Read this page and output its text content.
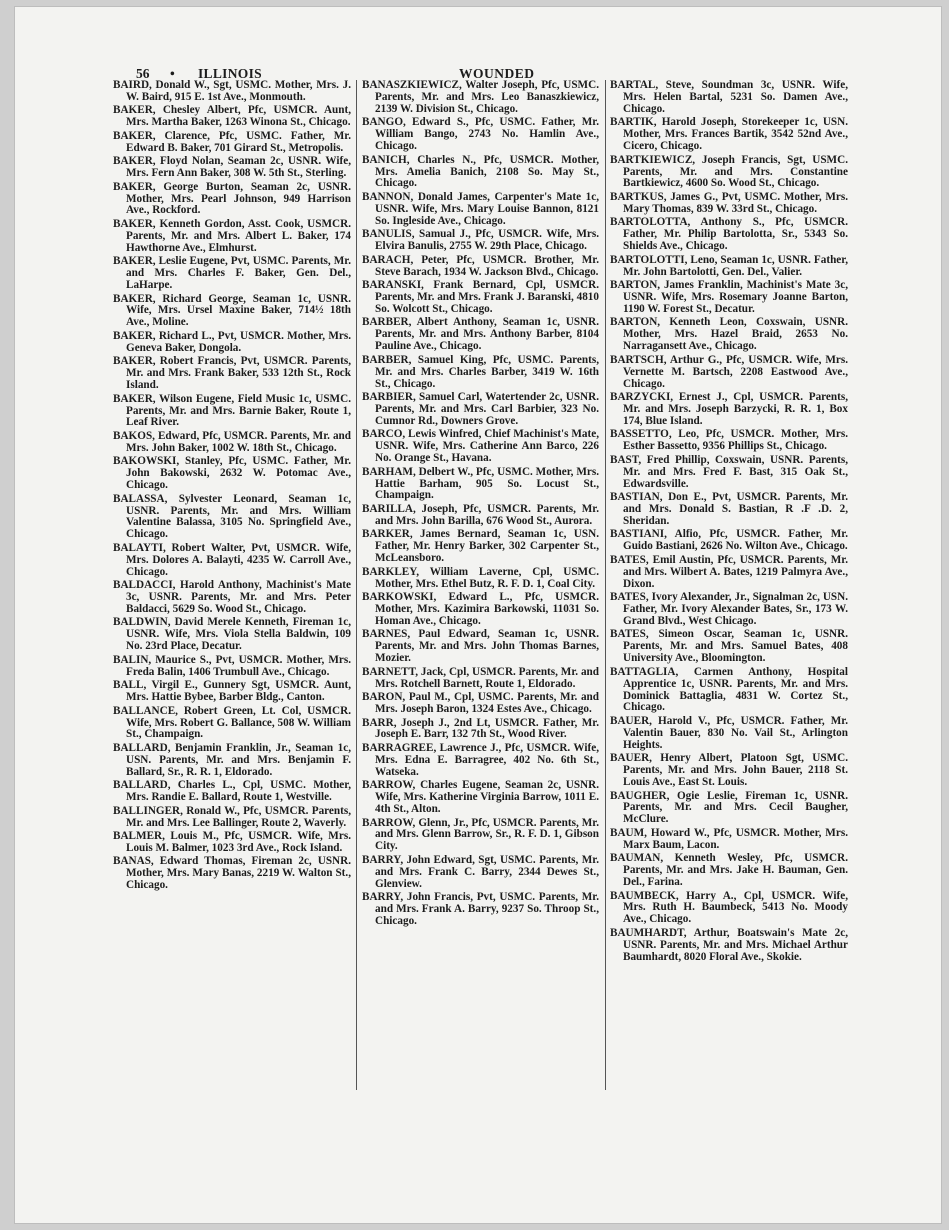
56 • ILLINOIS	WOUNDED

BAIRD, Donald W., Sgt, USMC. Mother, Mrs. J. W. Baird, 915 E. 1st Ave., Monmouth.

BAKER, Chesley Albert, Pfc, USMCR. Aunt, Mrs. Martha Baker, 1263 Winona St., Chicago.

BAKER, Clarence, Pfc, USMC. Father, Mr. Edward B. Baker, 701 Girard St., Metropolis.

BAKER, Floyd Nolan, Seaman 2c, USNR. Wife, Mrs. Fern Ann Baker, 308 W. 5th St., Sterling.

BAKER, George Burton, Seaman 2c, USNR. Mother, Mrs. Pearl Johnson, 949 Harrison Ave., Rockford.

BAKER, Kenneth Gordon, Asst. Cook, USMCR. Parents, Mr. and Mrs. Albert L. Baker, 174 Hawthorne Ave., Elmhurst.

BAKER, Leslie Eugene, Pvt, USMC. Parents, Mr. and Mrs. Charles F. Baker, Gen. Del., LaHarpe.

BAKER, Richard George, Seaman 1c, USNR. Wife, Mrs. Ursel Maxine Baker, 714½ 18th Ave., Moline.

BAKER, Richard L., Pvt, USMCR. Mother, Mrs. Geneva Baker, Dongola.

BAKER, Robert Francis, Pvt, USMCR. Parents, Mr. and Mrs. Frank Baker, 533 12th St., Rock Island.

BAKER, Wilson Eugene, Field Music 1c, USMC. Parents, Mr. and Mrs. Barnie Baker, Route 1, Leaf River.

BAKOS, Edward, Pfc, USMCR. Parents, Mr. and Mrs. John Baker, 1002 W. 18th St., Chicago.

BAKOWSKI, Stanley, Pfc, USMC. Father, Mr. John Bakowski, 2632 W. Potomac Ave., Chicago.

BALASSA, Sylvester Leonard, Seaman 1c, USNR. Parents, Mr. and Mrs. William Valentine Balassa, 3105 No. Springfield Ave., Chicago.

BALAYTI, Robert Walter, Pvt, USMCR. Wife, Mrs. Dolores A. Balayti, 4235 W. Carroll Ave., Chicago.

BALDACCI, Harold Anthony, Machinist's Mate 3c, USNR. Parents, Mr. and Mrs. Peter Baldacci, 5629 So. Wood St., Chicago.

BALDWIN, David Merele Kenneth, Fireman 1c, USNR. Wife, Mrs. Viola Stella Baldwin, 109 No. 23rd Place, Decatur.

BALIN, Maurice S., Pvt, USMCR. Mother, Mrs. Freda Balin, 1406 Trumbull Ave., Chicago.

BALL, Virgil E., Gunnery Sgt, USMCR. Aunt, Mrs. Hattie Bybee, Barber Bldg., Canton.

BALLANCE, Robert Green, Lt. Col, USMCR. Wife, Mrs. Robert G. Ballance, 508 W. William St., Champaign.

BALLARD, Benjamin Franklin, Jr., Seaman 1c, USN. Parents, Mr. and Mrs. Benjamin F. Ballard, Sr., R. R. 1, Eldorado.

BALLARD, Charles L., Cpl, USMC. Mother, Mrs. Randie E. Ballard, Route 1, Westville.

BALLINGER, Ronald W., Pfc, USMCR. Parents, Mr. and Mrs. Lee Ballinger, Route 2, Waverly.

BALMER, Louis M., Pfc, USMCR. Wife, Mrs. Louis M. Balmer, 1023 3rd Ave., Rock Island.

BANAS, Edward Thomas, Fireman 2c, USNR. Mother, Mrs. Mary Banas, 2219 W. Walton St., Chicago.

BANASZKIEWICZ, Walter Joseph, Pfc, USMC. Parents, Mr. and Mrs. Leo Banaszkiewicz, 2139 W. Division St., Chicago.

BANGO, Edward S., Pfc, USMC. Father, Mr. William Bango, 2743 No. Hamlin Ave., Chicago.

BANICH, Charles N., Pfc, USMCR. Mother, Mrs. Amelia Banich, 2108 So. May St., Chicago.

BANNON, Donald James, Carpenter's Mate 1c, USNR. Wife, Mrs. Mary Louise Bannon, 8121 So. Ingleside Ave., Chicago.

BANULIS, Samual J., Pfc, USMCR. Wife, Mrs. Elvira Banulis, 2755 W. 29th Place, Chicago.

BARACH, Peter, Pfc, USMCR. Brother, Mr. Steve Barach, 1934 W. Jackson Blvd., Chicago.

BARANSKI, Frank Bernard, Cpl, USMCR. Parents, Mr. and Mrs. Frank J. Baranski, 4810 So. Wolcott St., Chicago.

BARBER, Albert Anthony, Seaman 1c, USNR. Parents, Mr. and Mrs. Anthony Barber, 8104 Pauline Ave., Chicago.

BARBER, Samuel King, Pfc, USMC. Parents, Mr. and Mrs. Charles Barber, 3419 W. 16th St., Chicago.

BARBIER, Samuel Carl, Watertender 2c, USNR. Parents, Mr. and Mrs. Carl Barbier, 323 No. Cumnor Rd., Downers Grove.

BARCO, Lewis Winfred, Chief Machinist's Mate, USNR. Wife, Mrs. Catherine Ann Barco, 226 No. Orange St., Havana.

BARHAM, Delbert W., Pfc, USMC. Mother, Mrs. Hattie Barham, 905 So. Locust St., Champaign.

BARILLA, Joseph, Pfc, USMCR. Parents, Mr. and Mrs. John Barilla, 676 Wood St., Aurora.

BARKER, James Bernard, Seaman 1c, USN. Father, Mr. Henry Barker, 302 Carpenter St., McLeansboro.

BARKLEY, William Laverne, Cpl, USMC. Mother, Mrs. Ethel Butz, R. F. D. 1, Coal City.

BARKOWSKI, Edward L., Pfc, USMCR. Mother, Mrs. Kazimira Barkowski, 11031 So. Homan Ave., Chicago.

BARNES, Paul Edward, Seaman 1c, USNR. Parents, Mr. and Mrs. John Thomas Barnes, Mozier.

BARNETT, Jack, Cpl, USMCR. Parents, Mr. and Mrs. Rotchell Barnett, Route 1, Eldorado.

BARON, Paul M., Cpl, USMC. Parents, Mr. and Mrs. Joseph Baron, 1324 Estes Ave., Chicago.

BARR, Joseph J., 2nd Lt, USMCR. Father, Mr. Joseph E. Barr, 132 7th St., Wood River.

BARRAGREE, Lawrence J., Pfc, USMCR. Wife, Mrs. Edna E. Barragree, 402 No. 6th St., Watseka.

BARROW, Charles Eugene, Seaman 2c, USNR. Wife, Mrs. Katherine Virginia Barrow, 1011 E. 4th St., Alton.

BARROW, Glenn, Jr., Pfc, USMCR. Parents, Mr. and Mrs. Glenn Barrow, Sr., R. F. D. 1, Gibson City.

BARRY, John Edward, Sgt, USMC. Parents, Mr. and Mrs. Frank C. Barry, 2344 Dewes St., Glenview.

BARRY, John Francis, Pvt, USMC. Parents, Mr. and Mrs. Frank A. Barry, 9237 So. Throop St., Chicago.

BARTAL, Steve, Soundman 3c, USNR. Wife, Mrs. Helen Bartal, 5231 So. Damen Ave., Chicago.

BARTIK, Harold Joseph, Storekeeper 1c, USN. Mother, Mrs. Frances Bartik, 3542 52nd Ave., Cicero, Chicago.

BARTKIEWICZ, Joseph Francis, Sgt, USMC. Parents, Mr. and Mrs. Constantine Bartkiewicz, 4600 So. Wood St., Chicago.

BARTKUS, James G., Pvt, USMC. Mother, Mrs. Mary Thomas, 839 W. 33rd St., Chicago.

BARTOLOTTA, Anthony S., Pfc, USMCR. Father, Mr. Philip Bartolotta, Sr., 5343 So. Shields Ave., Chicago.

BARTOLOTTI, Leno, Seaman 1c, USNR. Father, Mr. John Bartolotti, Gen. Del., Valier.

BARTON, James Franklin, Machinist's Mate 3c, USNR. Wife, Mrs. Rosemary Joanne Barton, 1190 W. Forest St., Decatur.

BARTON, Kenneth Leon, Coxswain, USNR. Mother, Mrs. Hazel Braid, 2653 No. Narragansett Ave., Chicago.

BARTSCH, Arthur G., Pfc, USMCR. Wife, Mrs. Vernette M. Bartsch, 2208 Eastwood Ave., Chicago.

BARZYCKI, Ernest J., Cpl, USMCR. Parents, Mr. and Mrs. Joseph Barzycki, R. R. 1, Box 174, Blue Island.

BASSETTO, Leo, Pfc, USMCR. Mother, Mrs. Esther Bassetto, 9356 Phillips St., Chicago.

BAST, Fred Phillip, Coxswain, USNR. Parents, Mr. and Mrs. Fred F. Bast, 315 Oak St., Edwardsville.

BASTIAN, Don E., Pvt, USMCR. Parents, Mr. and Mrs. Donald S. Bastian, R .F .D. 2, Sheridan.

BASTIANI, Alfio, Pfc, USMCR. Father, Mr. Guido Bastiani, 2626 No. Wilton Ave., Chicago.

BATES, Emil Austin, Pfc, USMCR. Parents, Mr. and Mrs. Wilbert A. Bates, 1219 Palmyra Ave., Dixon.

BATES, Ivory Alexander, Jr., Signalman 2c, USN. Father, Mr. Ivory Alexander Bates, Sr., 173 W. Grand Blvd., West Chicago.

BATES, Simeon Oscar, Seaman 1c, USNR. Parents, Mr. and Mrs. Samuel Bates, 408 University Ave., Bloomington.

BATTAGLIA, Carmen Anthony, Hospital Apprentice 1c, USNR. Parents, Mr. and Mrs. Dominick Battaglia, 4831 W. Cortez St., Chicago.

BAUER, Harold V., Pfc, USMCR. Father, Mr. Valentin Bauer, 830 No. Vail St., Arlington Heights.

BAUER, Henry Albert, Platoon Sgt, USMC. Parents, Mr. and Mrs. John Bauer, 2118 St. Louis Ave., East St. Louis.

BAUGHER, Ogie Leslie, Fireman 1c, USNR. Parents, Mr. and Mrs. Cecil Baugher, McClure.

BAUM, Howard W., Pfc, USMCR. Mother, Mrs. Marx Baum, Lacon.

BAUMAN, Kenneth Wesley, Pfc, USMCR. Parents, Mr. and Mrs. Jake H. Bauman, Gen. Del., Farina.

BAUMBECK, Harry A., Cpl, USMCR. Wife, Mrs. Ruth H. Baumbeck, 5413 No. Moody Ave., Chicago.

BAUMHARDT, Arthur, Boatswain's Mate 2c, USNR. Parents, Mr. and Mrs. Michael Arthur Baumhardt, 8020 Floral Ave., Skokie.
